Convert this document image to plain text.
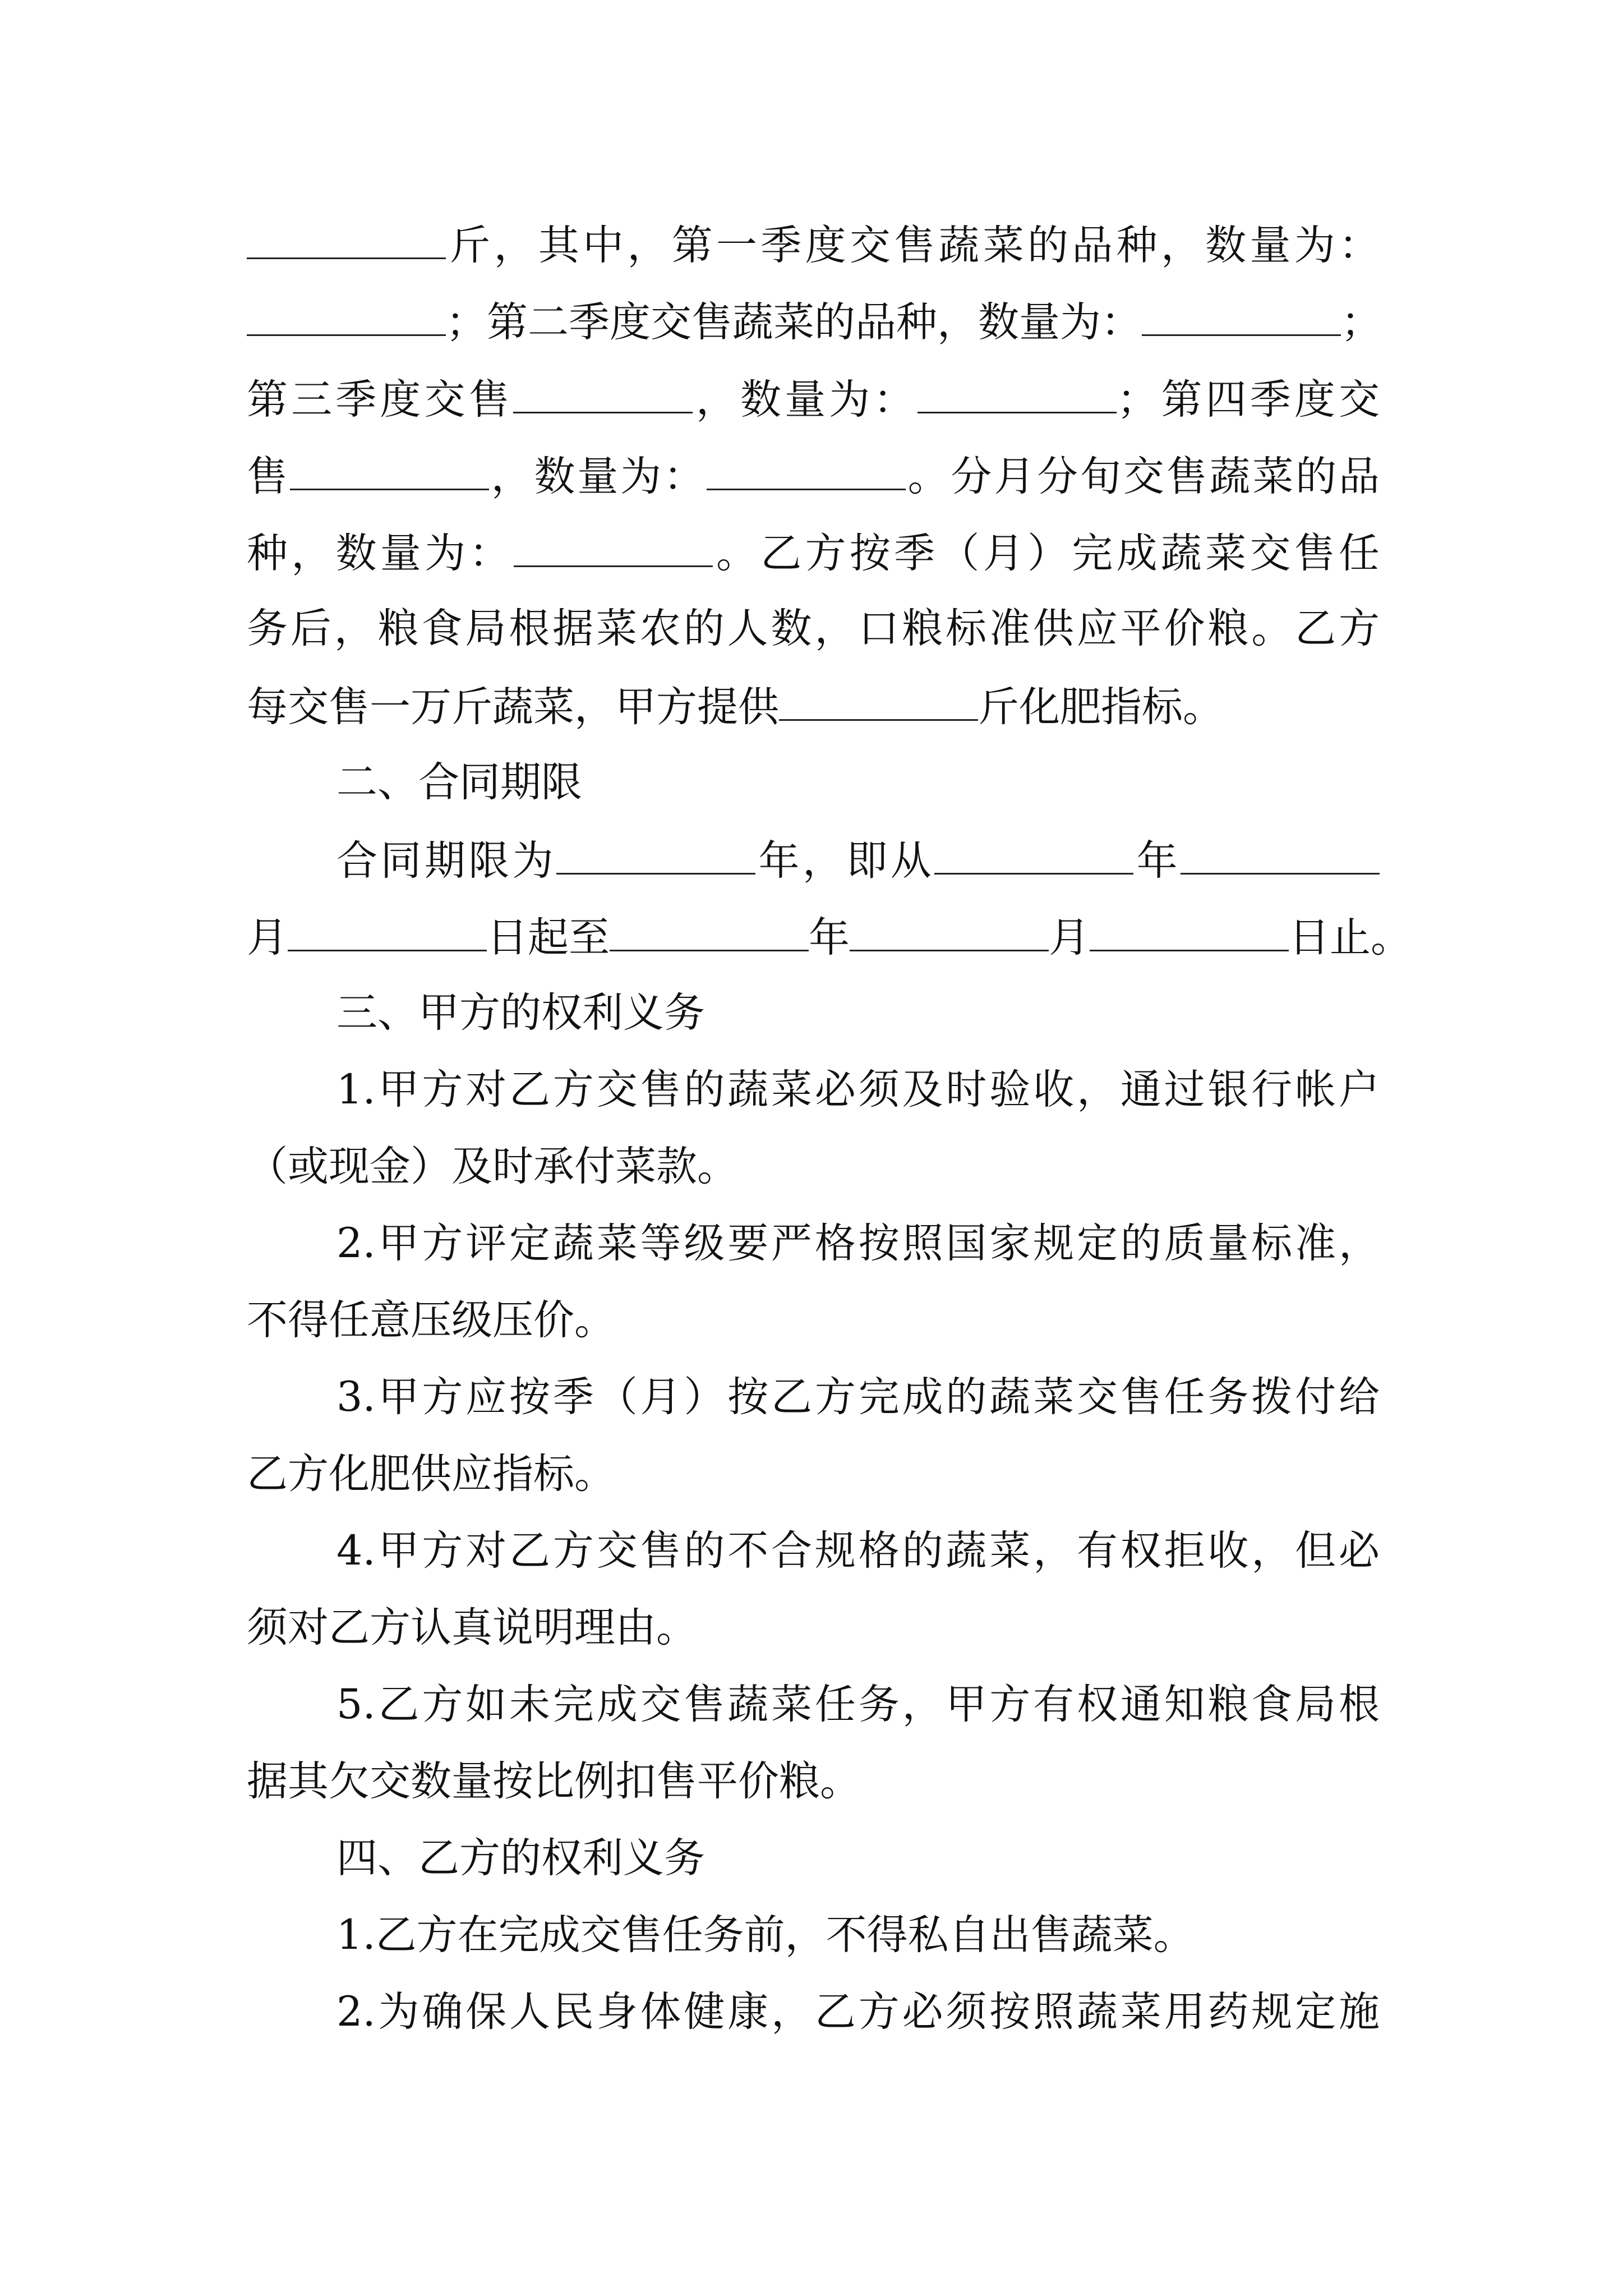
斤，其中，第一季度交售蔬菜的品种，数量为：
；第二季度交售蔬菜的品种，数量为：	；
第三季度交售	，数量为：	；第四季度交
售	，数量为：	。分月分旬交售蔬菜的品
种，数量为：	。乙方按季（月）完成蔬菜交售任
务后，粮食局根据菜农的人数，口粮标准供应平价粮。乙方
每交售一万斤蔬菜，甲方提供	斤化肥指标。
二、合同期限
合同期限为	年，即从	年
月	日起至	年	月	日止。
三、甲方的权利义务
1.甲方对乙方交售的蔬菜必须及时验收，通过银行帐户
（或现金）及时承付菜款。
2.甲方评定蔬菜等级要严格按照国家规定的质量标准，
不得任意压级压价。
3.甲方应按季（月）按乙方完成的蔬菜交售任务拨付给
乙方化肥供应指标。
4.甲方对乙方交售的不合规格的蔬菜，有权拒收，但必
须对乙方认真说明理由。
5.乙方如未完成交售蔬菜任务，甲方有权通知粮食局根
据其欠交数量按比例扣售平价粮。
四、乙方的权利义务
1.乙方在完成交售任务前，不得私自出售蔬菜。
2.为确保人民身体健康，乙方必须按照蔬菜用药规定施
